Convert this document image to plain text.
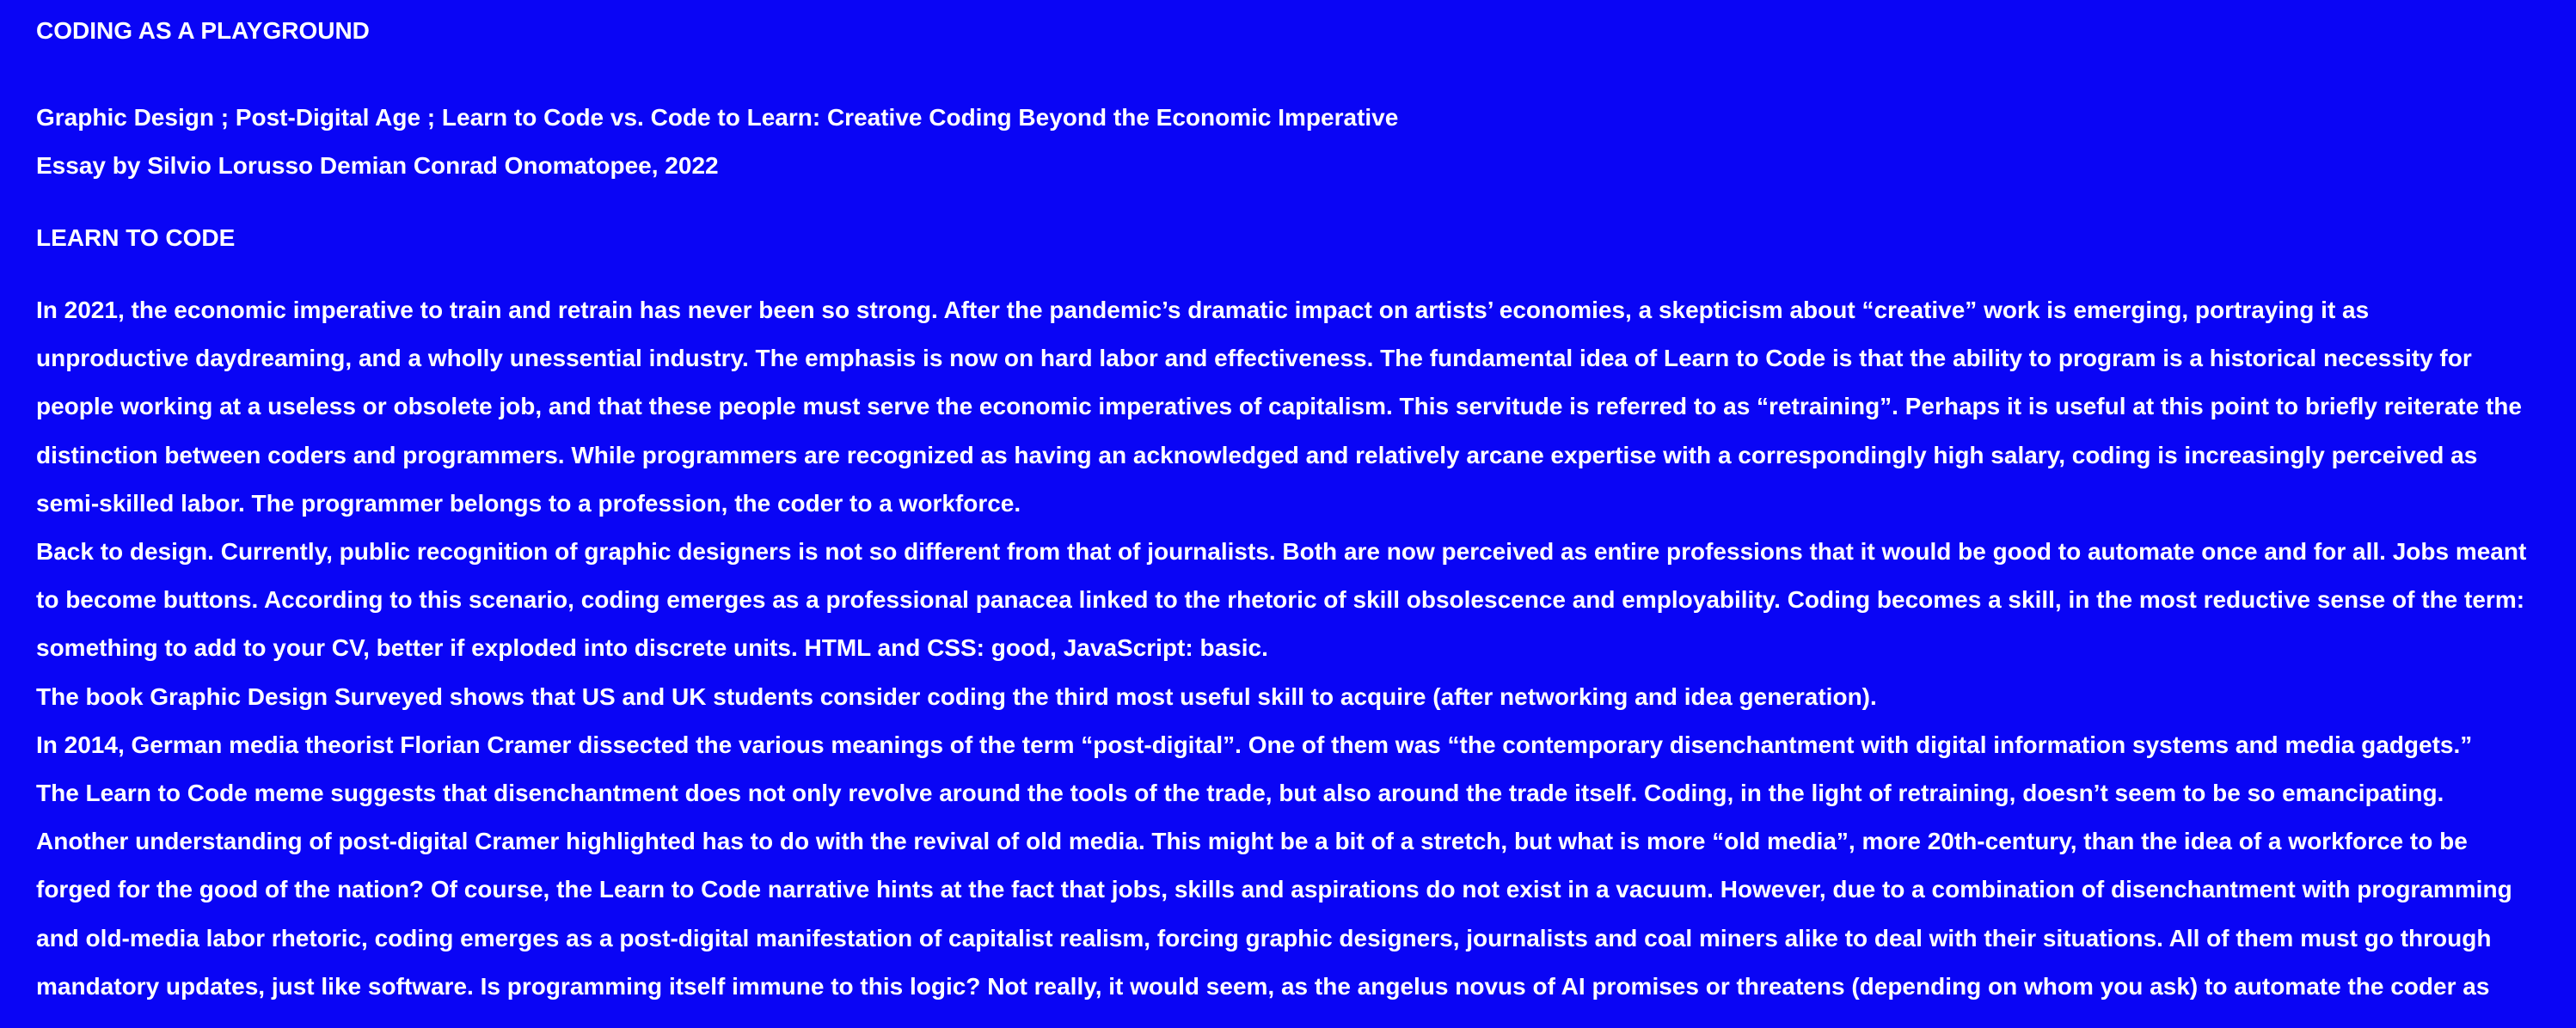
CODING AS A PLAYGROUND

Graphic Design ; Post-Digital Age ; Learn to Code vs. Code to Learn: Creative Coding Beyond the Economic Imperative

Essay by Silvio Lorusso Demian Conrad Onomatopee, 2022

LEARN TO CODE

In 2021, the economic imperative to train and retrain has never been so strong. After the pandemic’s dramatic impact on artists’ economies, a skepticism about “creative” work is emerging, portraying it as

unproductive daydreaming, and a wholly unessential industry. The emphasis is now on hard labor and effectiveness. The fundamental idea of Learn to Code is that the ability to program is a historical necessity for

people working at a useless or obsolete job, and that these people must serve the economic imperatives of capitalism. This servitude is referred to as “retraining”. Perhaps it is useful at this point to briefly reiterate the

distinction between coders and programmers. While programmers are recognized as having an acknowledged and relatively arcane expertise with a correspondingly high salary, coding is increasingly perceived as

semi-skilled labor. The programmer belongs to a profession, the coder to a workforce.

Back to design. Currently, public recognition of graphic designers is not so different from that of journalists. Both are now perceived as entire professions that it would be good to automate once and for all. Jobs meant

to become buttons. According to this scenario, coding emerges as a professional panacea linked to the rhetoric of skill obsolescence and employability. Coding becomes a skill, in the most reductive sense of the term:

something to add to your CV, better if exploded into discrete units. HTML and CSS: good, JavaScript: basic.

The book Graphic Design Surveyed shows that US and UK students consider coding the third most useful skill to acquire (after networking and idea generation).

In 2014, German media theorist Florian Cramer dissected the various meanings of the term “post-digital”. One of them was “the contemporary disenchantment with digital information systems and media gadgets.”

The Learn to Code meme suggests that disenchantment does not only revolve around the tools of the trade, but also around the trade itself. Coding, in the light of retraining, doesn’t seem to be so emancipating.

Another understanding of post-digital Cramer highlighted has to do with the revival of old media. This might be a bit of a stretch, but what is more “old media”, more 20th-century, than the idea of a workforce to be

forged for the good of the nation? Of course, the Learn to Code narrative hints at the fact that jobs, skills and aspirations do not exist in a vacuum. However, due to a combination of disenchantment with programming

and old-media labor rhetoric, coding emerges as a post-digital manifestation of capitalist realism, forcing graphic designers, journalists and coal miners alike to deal with their situations. All of them must go through

mandatory updates, just like software. Is programming itself immune to this logic? Not really, it would seem, as the angelus novus of AI promises or threatens (depending on whom you ask) to automate the coder as
